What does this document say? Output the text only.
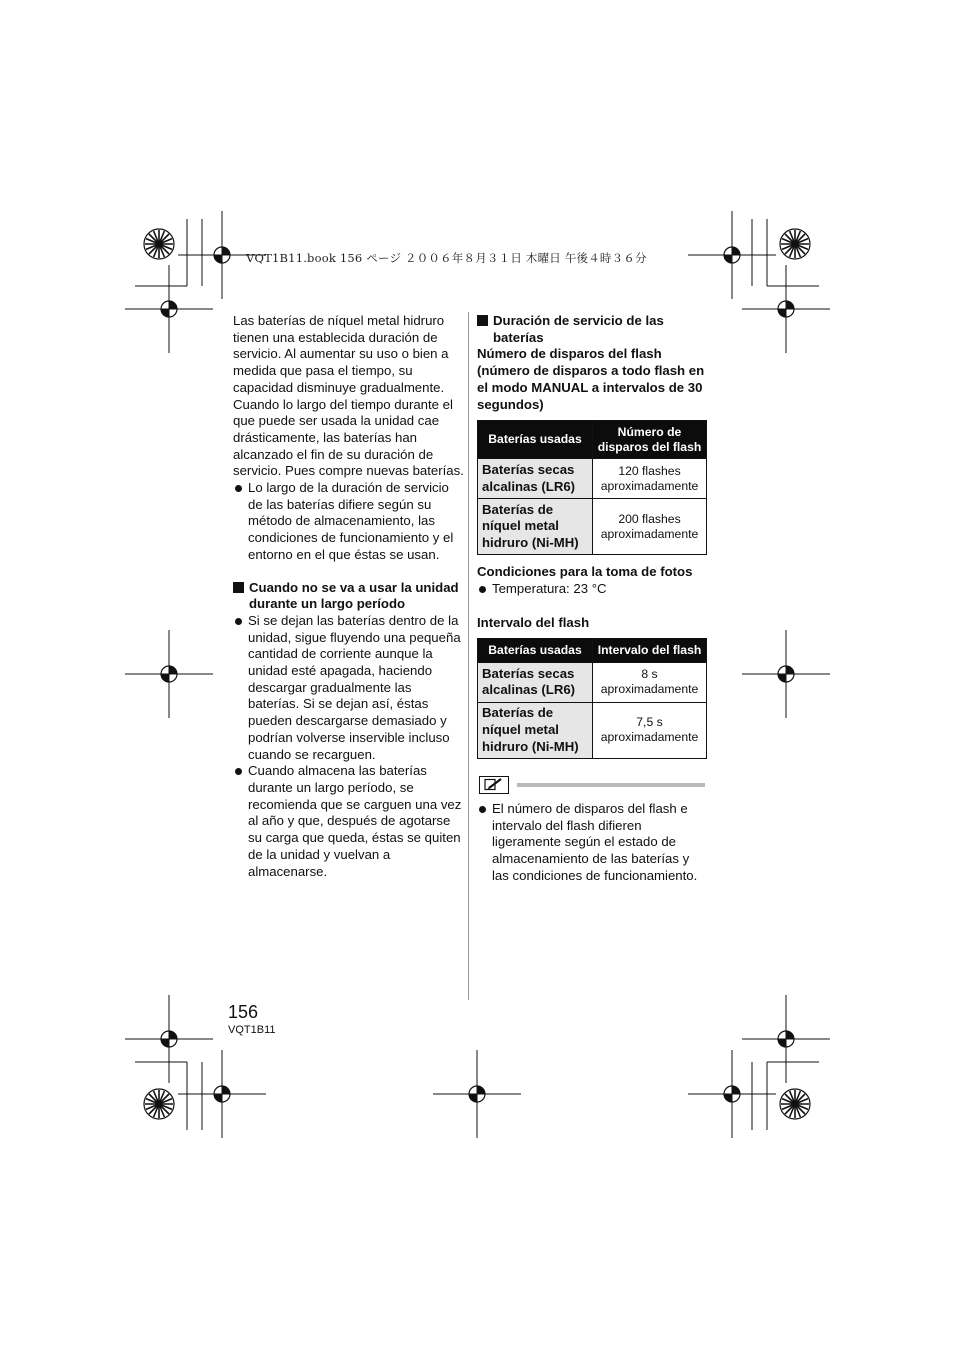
VQT1B11.book 156 ページ ２００６年８月３１日 木曜日 午後４時３６分

Las baterías de níquel metal hidruro tienen una establecida duración de servicio. Al aumentar su uso o bien a medida que pasa el tiempo, su capacidad disminuye gradualmente. Cuando lo largo del tiempo durante el que puede ser usada la unidad cae drásticamente, las baterías han alcanzado el fin de su duración de servicio. Pues compre nuevas baterías.

Lo largo de la duración de servicio de las baterías difiere según su método de almacenamiento, las condiciones de funcionamiento y el entorno en el que éstas se usan.

Cuando no se va a usar la unidad durante un largo período

Si se dejan las baterías dentro de la unidad, sigue fluyendo una pequeña cantidad de corriente aunque la unidad esté apagada, haciendo descargar gradualmente las baterías. Si se dejan así, éstas pueden descargarse demasiado y podrían volverse inservible incluso cuando se recarguen.

Cuando almacena las baterías durante un largo período, se recomienda que se carguen una vez al año y que, después de agotarse su carga que queda, éstas se quiten de la unidad y vuelvan a almacenarse.

Duración de servicio de las baterías

Número de disparos del flash (número de disparos a todo flash en el modo MANUAL a intervalos de 30 segundos)

Baterías usadas	Número de disparos del flash
Baterías secas alcalinas (LR6)	120 flashes aproximadamente
Baterías de níquel metal hidruro (Ni-MH)	200 flashes aproximadamente

Condiciones para la toma de fotos

Temperatura: 23 °C

Intervalo del flash

Baterías usadas	Intervalo del flash
Baterías secas alcalinas (LR6)	8 s aproximadamente
Baterías de níquel metal hidruro (Ni-MH)	7,5 s aproximadamente

El número de disparos del flash e intervalo del flash difieren ligeramente según el estado de almacenamiento de las baterías y las condiciones de funcionamiento.

156
VQT1B11
